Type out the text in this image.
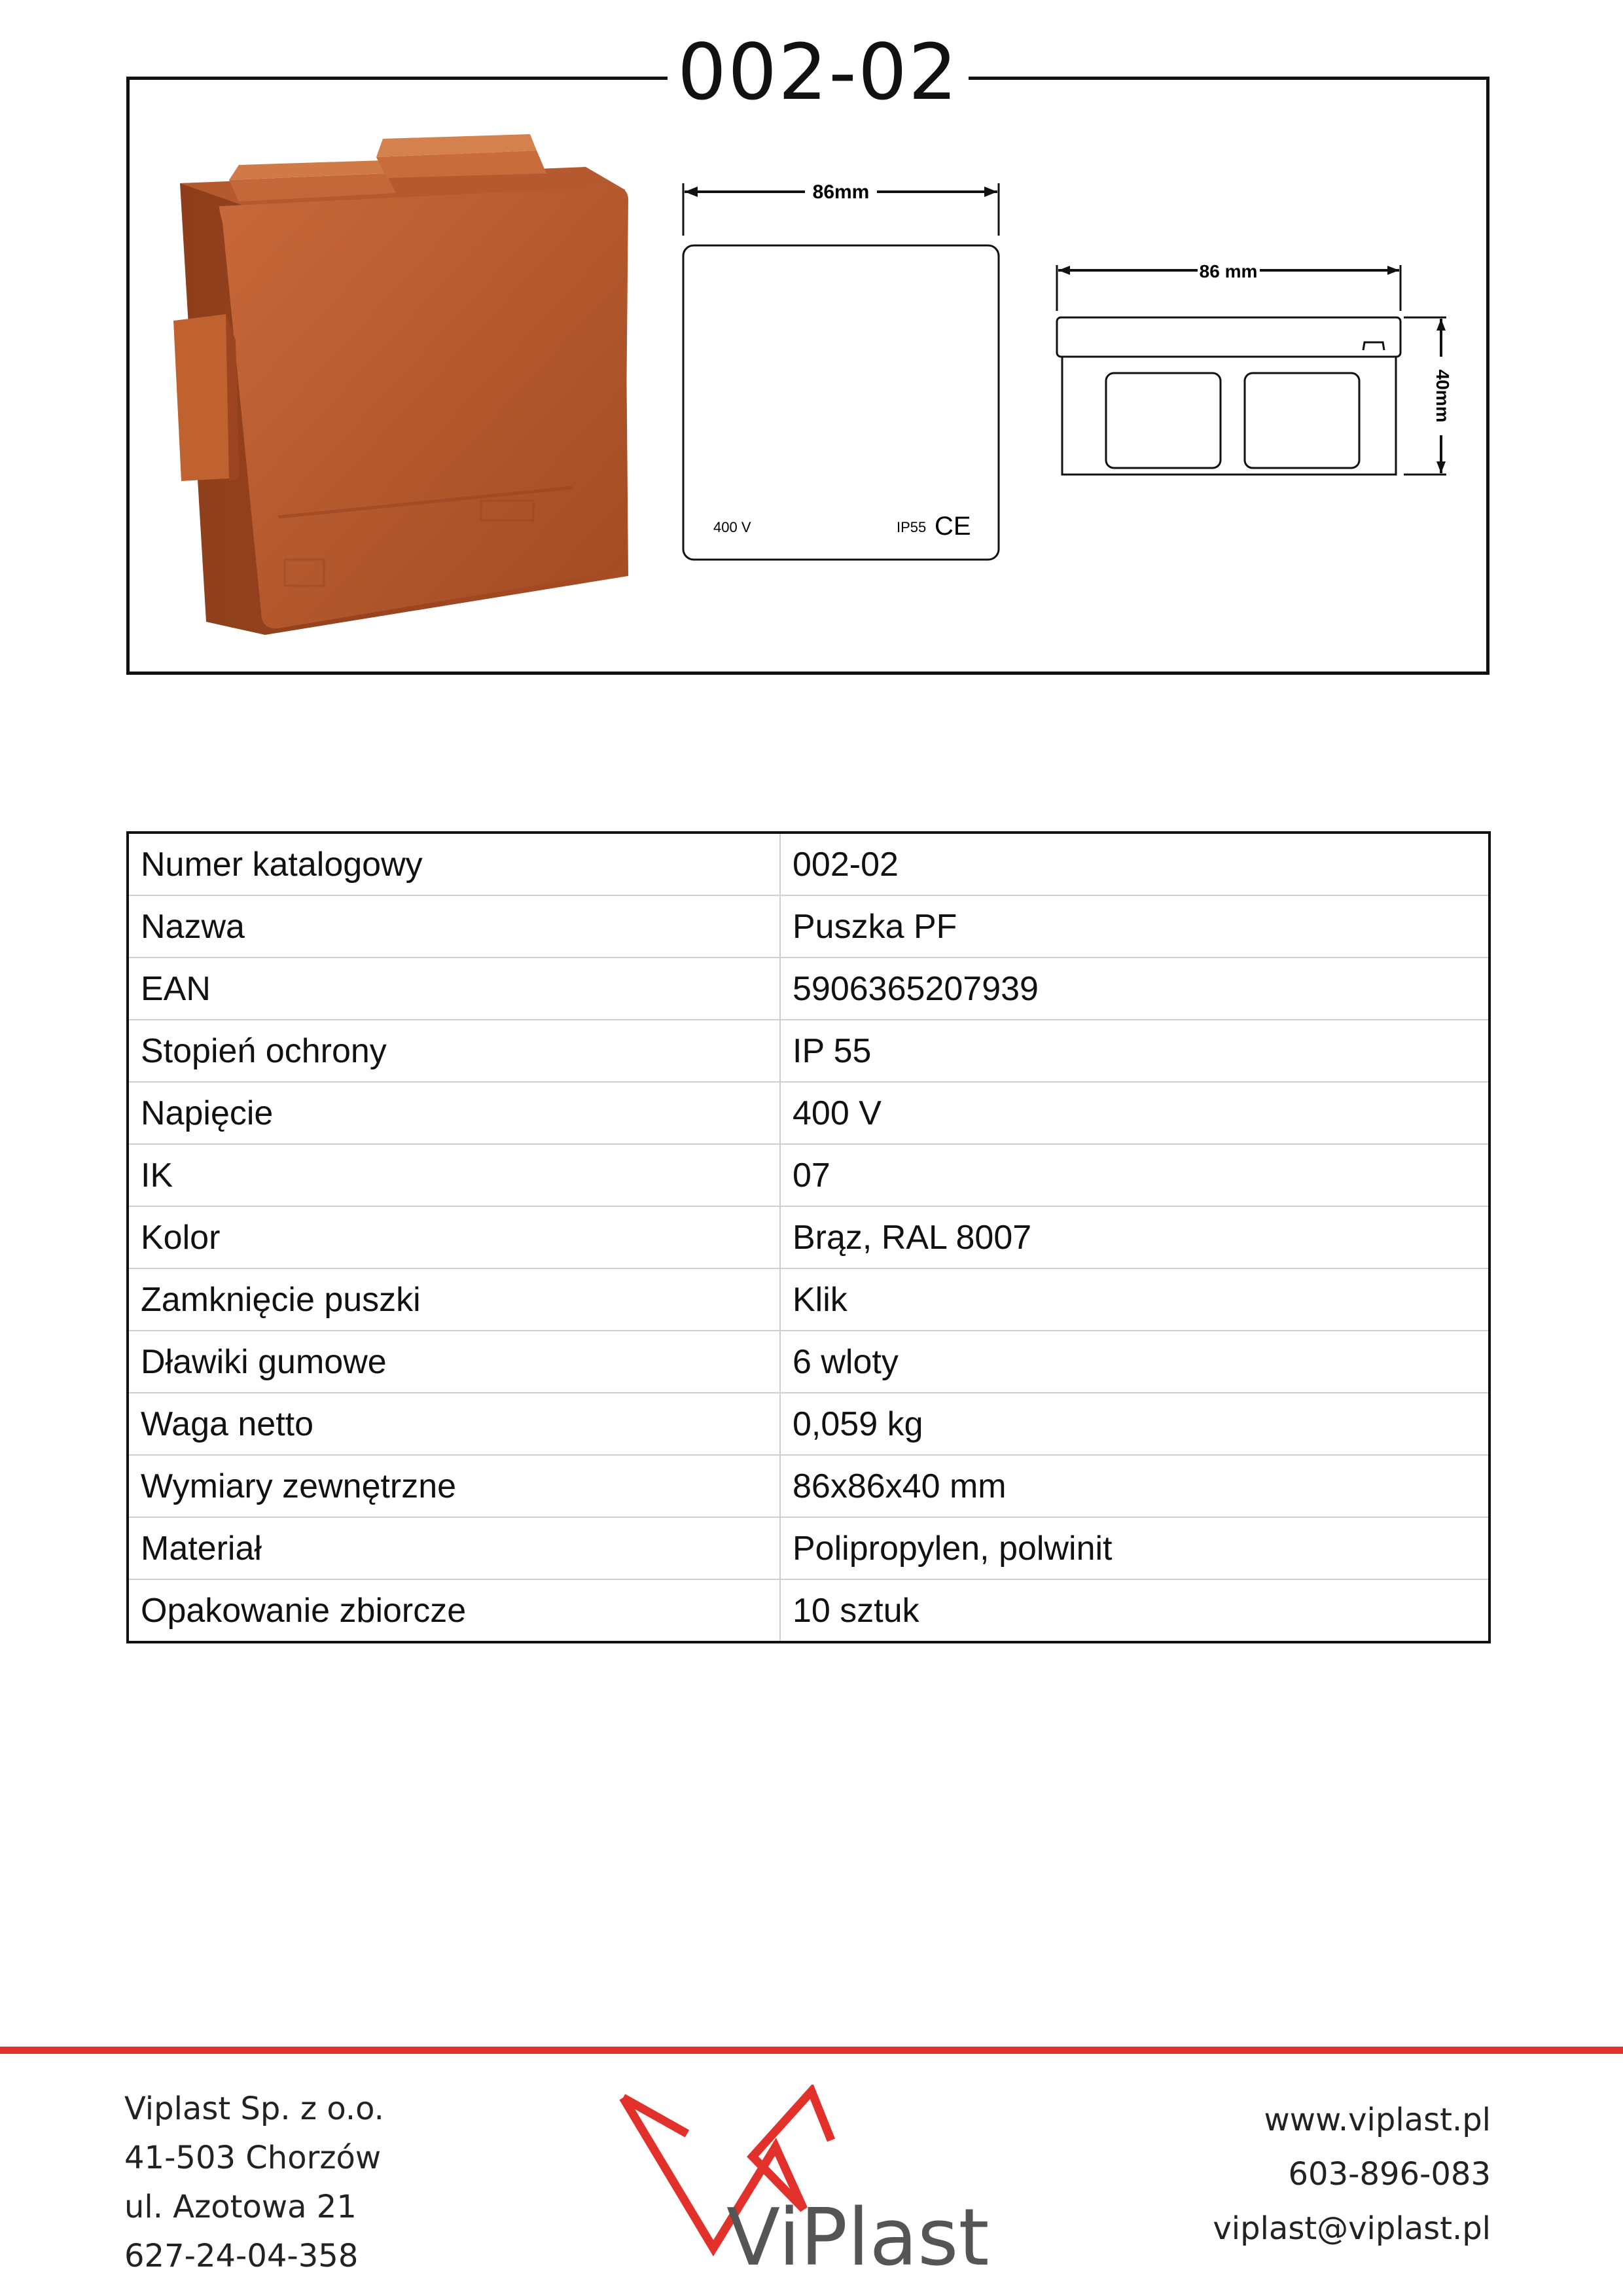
002-02
86mm
400 V	IP55 CE
86 mm
40mm
Numer katalogowy	002-02
Nazwa	Puszka PF
EAN	5906365207939
Stopień ochrony	IP 55
Napięcie	400 V
IK	07
Kolor	Brąz, RAL 8007
Zamknięcie puszki	Klik
Dławiki gumowe	6 wloty
Waga netto	0,059 kg
Wymiary zewnętrzne	86x86x40 mm
Materiał	Polipropylen, polwinit
Opakowanie zbiorcze	10 sztuk
Viplast Sp. z o.o.
41-503 Chorzów
ul. Azotowa 21
627-24-04-358	ViPlast
www.viplast.pl
603-896-083
viplast@viplast.pl
